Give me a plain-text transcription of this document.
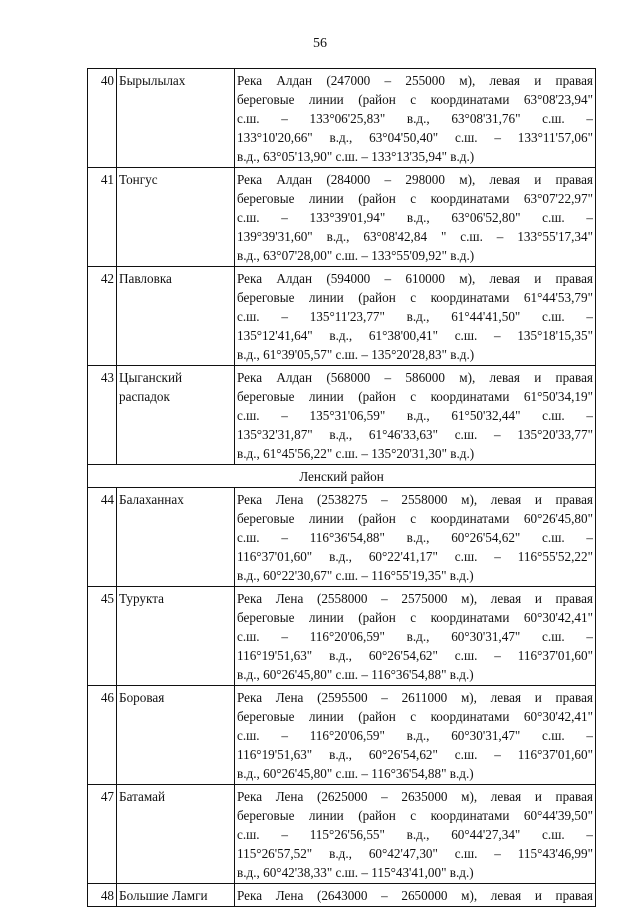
56
40	Бырылылах	Река Алдан (247000 – 255000 м), левая и правая
береговые линии (район с координатами 63°08'23,94"
с.ш. – 133°06'25,83" в.д., 63°08'31,76" с.ш. –
133°10'20,66" в.д., 63°04'50,40" с.ш. – 133°11'57,06"
в.д., 63°05'13,90" с.ш. – 133°13'35,94" в.д.)

41	Тонгус	Река Алдан (284000 – 298000 м), левая и правая
береговые линии (район с координатами 63°07'22,97"
с.ш. – 133°39'01,94" в.д., 63°06'52,80" с.ш. –
139°39'31,60" в.д., 63°08'42,84 " с.ш. – 133°55'17,34"
в.д., 63°07'28,00" с.ш. – 133°55'09,92" в.д.)

42	Павловка	Река Алдан (594000 – 610000 м), левая и правая
береговые линии (район с координатами 61°44'53,79"
с.ш. – 135°11'23,77" в.д., 61°44'41,50" с.ш. –
135°12'41,64" в.д., 61°38'00,41" с.ш. – 135°18'15,35"
в.д., 61°39'05,57" с.ш. – 135°20'28,83" в.д.)

43	Цыганский распадок	Река Алдан (568000 – 586000 м), левая и правая
береговые линии (район с координатами 61°50'34,19"
с.ш. – 135°31'06,59" в.д., 61°50'32,44" с.ш. –
135°32'31,87" в.д., 61°46'33,63" с.ш. – 135°20'33,77"
в.д., 61°45'56,22" с.ш. – 135°20'31,30" в.д.)

Ленский район		
44	Балаханнах	Река Лена (2538275 – 2558000 м), левая и правая
береговые линии (район с координатами 60°26'45,80"
с.ш. – 116°36'54,88" в.д., 60°26'54,62" с.ш. –
116°37'01,60" в.д., 60°22'41,17" с.ш. – 116°55'52,22"
в.д., 60°22'30,67" с.ш. – 116°55'19,35" в.д.)

45	Турукта	Река Лена (2558000 – 2575000 м), левая и правая
береговые линии (район с координатами 60°30'42,41"
с.ш. – 116°20'06,59" в.д., 60°30'31,47" с.ш. –
116°19'51,63" в.д., 60°26'54,62" с.ш. – 116°37'01,60"
в.д., 60°26'45,80" с.ш. – 116°36'54,88" в.д.)

46	Боровая	Река Лена (2595500 – 2611000 м), левая и правая
береговые линии (район с координатами 60°30'42,41"
с.ш. – 116°20'06,59" в.д., 60°30'31,47" с.ш. –
116°19'51,63" в.д., 60°26'54,62" с.ш. – 116°37'01,60"
в.д., 60°26'45,80" с.ш. – 116°36'54,88" в.д.)

47	Батамай	Река Лена (2625000 – 2635000 м), левая и правая
береговые линии (район с координатами 60°44'39,50"
с.ш. – 115°26'56,55" в.д., 60°44'27,34" с.ш. –
115°26'57,52" в.д., 60°42'47,30" с.ш. – 115°43'46,99"
в.д., 60°42'38,33" с.ш. – 115°43'41,00" в.д.)

48	Большие Ламги	Река Лена (2643000 – 2650000 м), левая и правая
